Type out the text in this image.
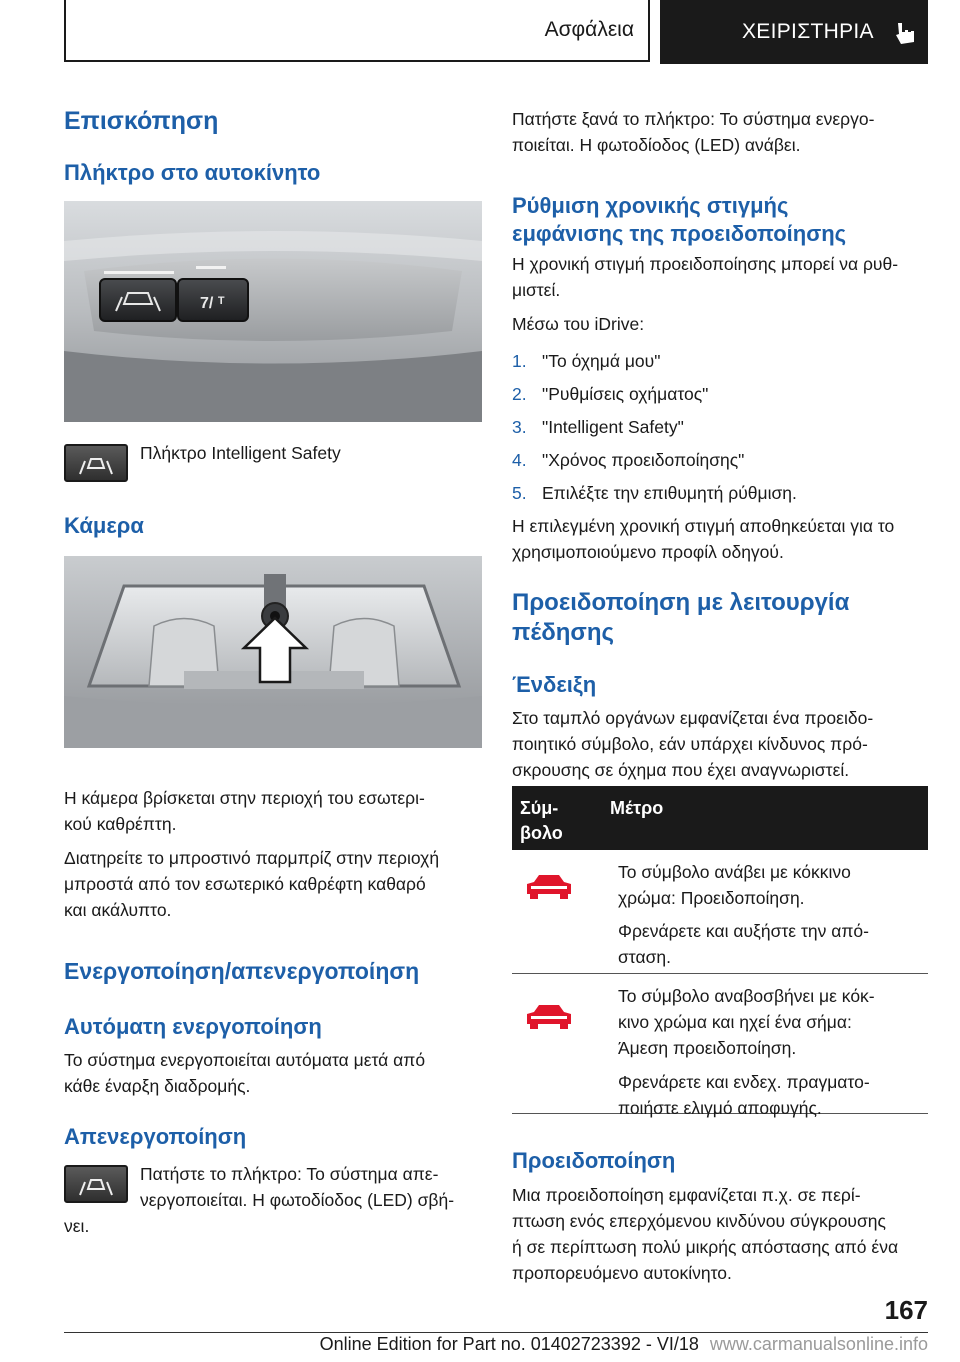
Ασφάλεια	ΧΕΙΡΙΣΤΗΡΙΑ
Επισκόπηση
Πλήκτρο στο αυτοκίνητο
7/ ᵀ
Πλήκτρο Intelligent Safety
Κάμερα
Η κάμερα βρίσκεται στην περιοχή του εσωτερι-
κού καθρέπτη.
Διατηρείτε το μπροστινό παρμπρίζ στην περιοχή
μπροστά από τον εσωτερικό καθρέφτη καθαρό
και ακάλυπτο.
Ενεργοποίηση/απενεργοποίηση
Αυτόματη ενεργοποίηση
Το σύστημα ενεργοποιείται αυτόματα μετά από
κάθε έναρξη διαδρομής.
Απενεργοποίηση
Πατήστε το πλήκτρο: Το σύστημα απε-
νεργοποιείται. Η φωτοδίοδος (LED) σβή-
νει.
Πατήστε ξανά το πλήκτρο: Το σύστημα ενεργο-
ποιείται. Η φωτοδίοδος (LED) ανάβει.
Ρύθμιση χρονικής στιγμής
εμφάνισης της προειδοποίησης
Η χρονική στιγμή προειδοποίησης μπορεί να ρυθ-
μιστεί.
Μέσω του iDrive:
1. "Το όχημά μου"
2. "Ρυθμίσεις οχήματος"
3. "Intelligent Safety"
4. "Χρόνος προειδοποίησης"
5. Επιλέξτε την επιθυμητή ρύθμιση.
Η επιλεγμένη χρονική στιγμή αποθηκεύεται για το
χρησιμοποιούμενο προφίλ οδηγού.
Προειδοποίηση με λειτουργία
πέδησης
Ένδειξη
Στο ταμπλό οργάνων εμφανίζεται ένα προειδο-
ποιητικό σύμβολο, εάν υπάρχει κίνδυνος πρό-
σκρουσης σε όχημα που έχει αναγνωριστεί.
Σύμ-
βολο
Μέτρο
Το σύμβολο ανάβει με κόκκινο
χρώμα: Προειδοποίηση.
Φρενάρετε και αυξήστε την από-
σταση.
Το σύμβολο αναβοσβήνει με κόκ-
κινο χρώμα και ηχεί ένα σήμα:
Άμεση προειδοποίηση.
Φρενάρετε και ενδεχ. πραγματο-
ποιήστε ελιγμό αποφυγής.
Προειδοποίηση
Μια προειδοποίηση εμφανίζεται π.χ. σε περί-
πτωση ενός επερχόμενου κινδύνου σύγκρουσης
ή σε περίπτωση πολύ μικρής απόστασης από ένα
προπορευόμενο αυτοκίνητο.
167
Online Edition for Part no. 01402723392 - VI/18 www.carmanualsonline.info
